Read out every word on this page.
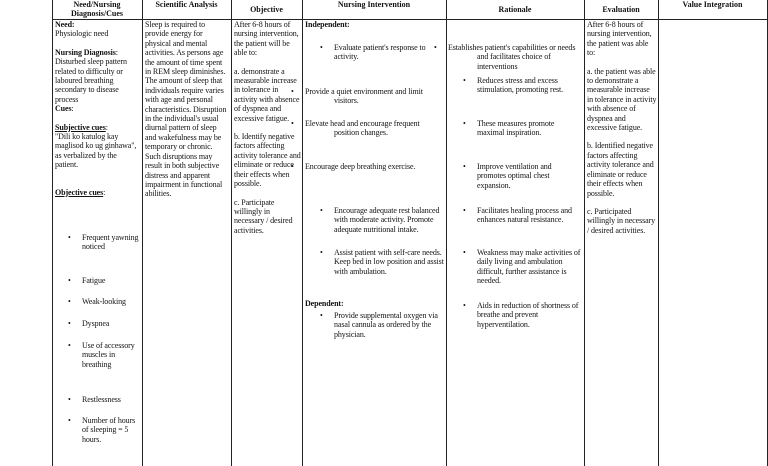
Need/Nursing Diagnosis/Cues
Scientific Analysis
Objective
Nursing Intervention
Rationale	Evaluation
Value Integration

Need:

Physiologic need

Nursing Diagnosis: Disturbed sleep pattern related to difficulty or laboured breathing secondary to disease process

Cues:

Subjective cues:

"Dili ko katulog kay maglisod ko ug ginhawa", as verbalized by the patient.

Objective cues:

• Frequent yawning noticed
• Fatigue
• Weak-looking
• Dyspnea
• Use of accessory muscles in breathing
• Restlessness
• Number of hours of sleeping = 5 hours.
Sleep is required to provide energy for physical and mental activities. As persons age the amount of time spent in REM sleep diminishes. The amount of sleep that individuals require varies with age and personal characteristics. Disruption in the individual's usual diurnal pattern of sleep and wakefulness may be temporary or chronic. Such disruptions may result in both subjective distress and apparent impairment in functional abilities.

After 6-8 hours of nursing intervention, the patient will be able to:

a. demonstrate a measurable increase in tolerance in activity with absence of dyspnea and excessive fatigue.

b. Identify negative factors affecting activity tolerance and eliminate or reduce their effects when possible.

c. Participate willingly in necessary / desired activities.

Independent:
• Evaluate patient's response to activity.
• Provide a quiet environment and limit visitors.
• Elevate head and encourage frequent position changes.
• Encourage deep breathing exercise.
• Encourage adequate rest balanced with moderate activity. Promote adequate nutritional intake.
• Assist patient with self-care needs. Keep bed in low position and assist with ambulation.
Dependent:
• Provide supplemental oxygen via nasal cannula as ordered by the physician.
• Establishes patient's capabilities or needs and facilitates choice of interventions
• Reduces stress and excess stimulation, promoting rest.
• These measures promote maximal inspiration.
• Improve ventilation and promotes optimal chest expansion.
• Facilitates healing process and enhances natural resistance.
• Weakness may make activities of daily living and ambulation difficult, further assistance is needed.
• Aids in reduction of shortness of breathe and prevent hyperventilation.

After 6-8 hours of nursing intervention, the patient was able to:

a. the patient was able to demonstrate a measurable increase in tolerance in activity with absence of dyspnea and excessive fatigue.

b. Identified negative factors affecting activity tolerance and eliminate or reduce their effects when possible.

c. Participated willingly in necessary / desired activities.
